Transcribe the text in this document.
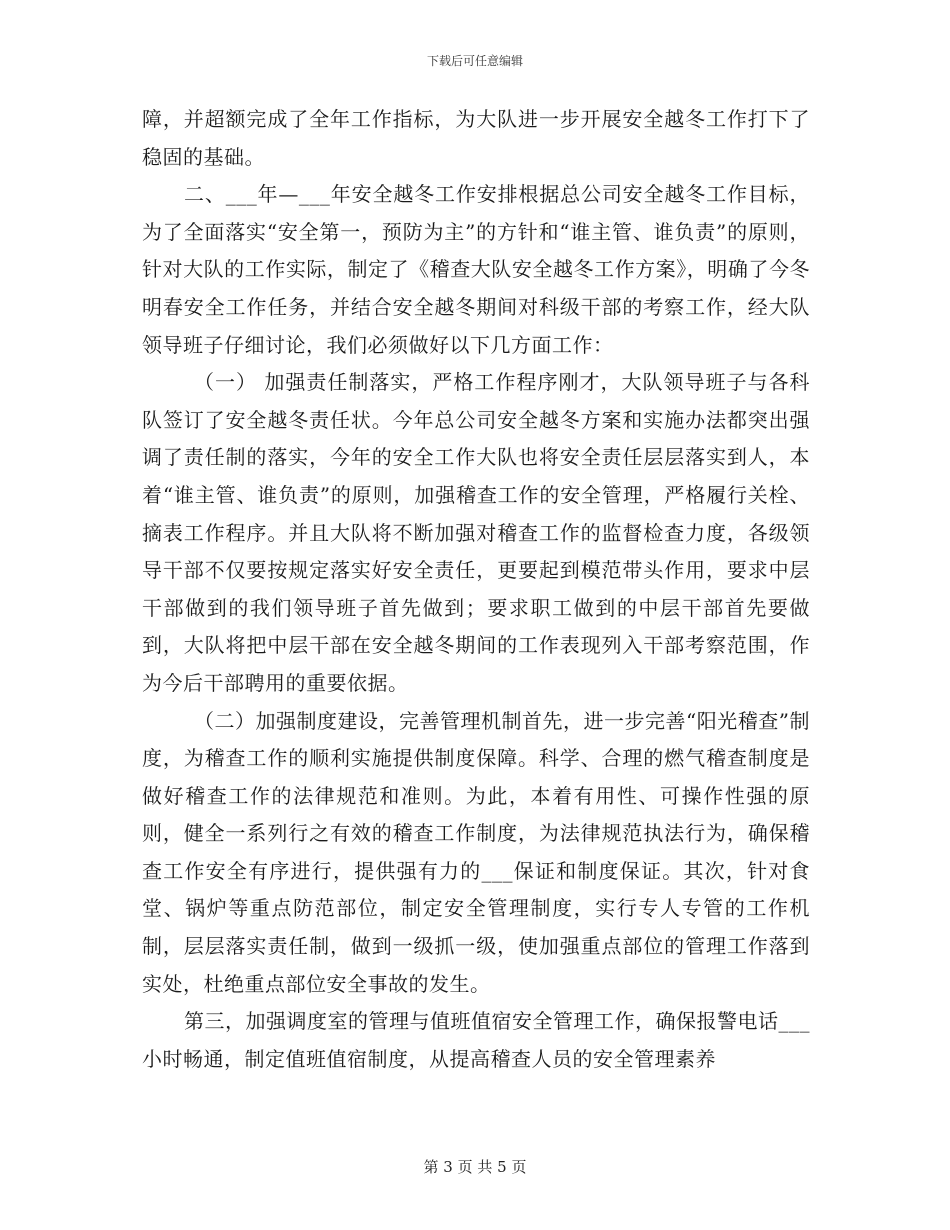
下载后可任意编辑

障，并超额完成了全年工作指标，为大队进一步开展安全越冬工作打下了稳固的基础。

二、___年—___年安全越冬工作安排根据总公司安全越冬工作目标，为了全面落实“安全第一，预防为主”的方针和“谁主管、谁负责”的原则，针对大队的工作实际，制定了《稽查大队安全越冬工作方案》，明确了今冬明春安全工作任务，并结合安全越冬期间对科级干部的考察工作，经大队领导班子仔细讨论，我们必须做好以下几方面工作：

（一） 加强责任制落实，严格工作程序刚才，大队领导班子与各科队签订了安全越冬责任状。今年总公司安全越冬方案和实施办法都突出强调了责任制的落实，今年的安全工作大队也将安全责任层层落实到人，本着“谁主管、谁负责”的原则，加强稽查工作的安全管理，严格履行关栓、摘表工作程序。并且大队将不断加强对稽查工作的监督检查力度，各级领导干部不仅要按规定落实好安全责任，更要起到模范带头作用，要求中层干部做到的我们领导班子首先做到；要求职工做到的中层干部首先要做到，大队将把中层干部在安全越冬期间的工作表现列入干部考察范围，作为今后干部聘用的重要依据。

（二）加强制度建设，完善管理机制首先，进一步完善“阳光稽查”制度，为稽查工作的顺利实施提供制度保障。科学、合理的燃气稽查制度是做好稽查工作的法律规范和准则。为此，本着有用性、可操作性强的原则，健全一系列行之有效的稽查工作制度，为法律规范执法行为，确保稽查工作安全有序进行，提供强有力的___保证和制度保证。其次，针对食堂、锅炉等重点防范部位，制定安全管理制度，实行专人专管的工作机制，层层落实责任制，做到一级抓一级，使加强重点部位的管理工作落到实处，杜绝重点部位安全事故的发生。

第三，加强调度室的管理与值班值宿安全管理工作，确保报警电话___小时畅通，制定值班值宿制度，从提高稽查人员的安全管理素养

第 3 页 共 5 页
